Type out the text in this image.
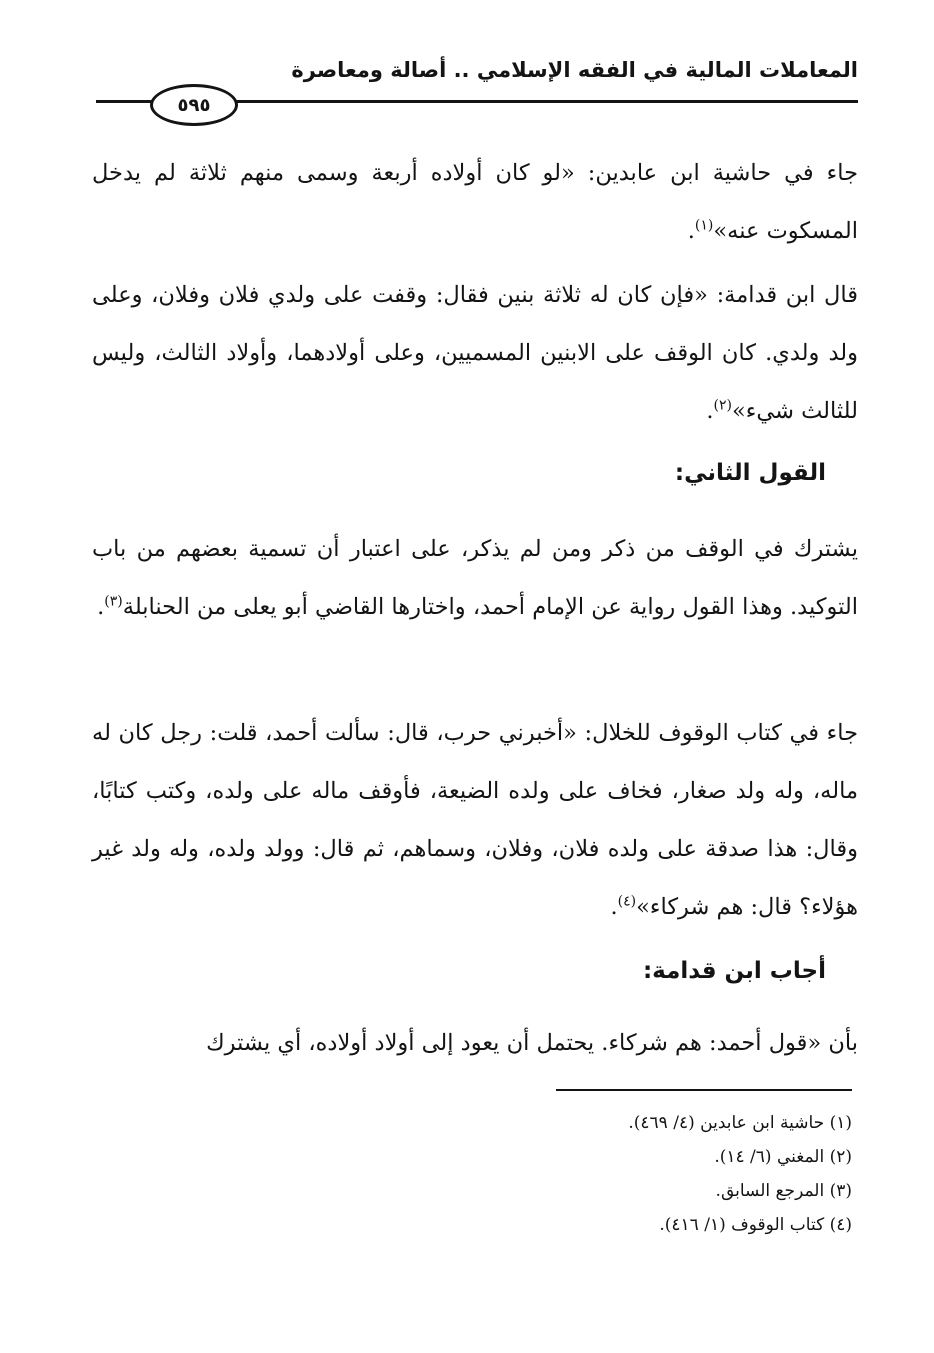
المعاملات المالية في الفقه الإسلامي .. أصالة ومعاصرة
٥٩٥
جاء في حاشية ابن عابدين: «لو كان أولاده أربعة وسمى منهم ثلاثة لم يدخل المسكوت عنه»$^{(١)}$.
قال ابن قدامة: «فإن كان له ثلاثة بنين فقال: وقفت على ولدي فلان وفلان، وعلى ولد ولدي. كان الوقف على الابنين المسميين، وعلى أولادهما، وأولاد الثالث، وليس للثالث شيء»$^{(٢)}$.
القول الثاني:
يشترك في الوقف من ذكر ومن لم يذكر، على اعتبار أن تسمية بعضهم من باب التوكيد. وهذا القول رواية عن الإمام أحمد، واختارها القاضي أبو يعلى من الحنابلة$^{(٣)}$.
جاء في كتاب الوقوف للخلال: «أخبرني حرب، قال: سألت أحمد، قلت: رجل كان له ماله، وله ولد صغار، فخاف على ولده الضيعة، فأوقف ماله على ولده، وكتب كتابًا، وقال: هذا صدقة على ولده فلان، وفلان، وسماهم، ثم قال: وولد ولده، وله ولد غير هؤلاء؟ قال: هم شركاء»$^{(٤)}$.
أجاب ابن قدامة:
بأن «قول أحمد: هم شركاء. يحتمل أن يعود إلى أولاد أولاده، أي يشترك
(١) حاشية ابن عابدين (٤/ ٤٦٩).
(٢) المغني (٦/ ١٤).
(٣) المرجع السابق.
(٤) كتاب الوقوف (١/ ٤١٦).
